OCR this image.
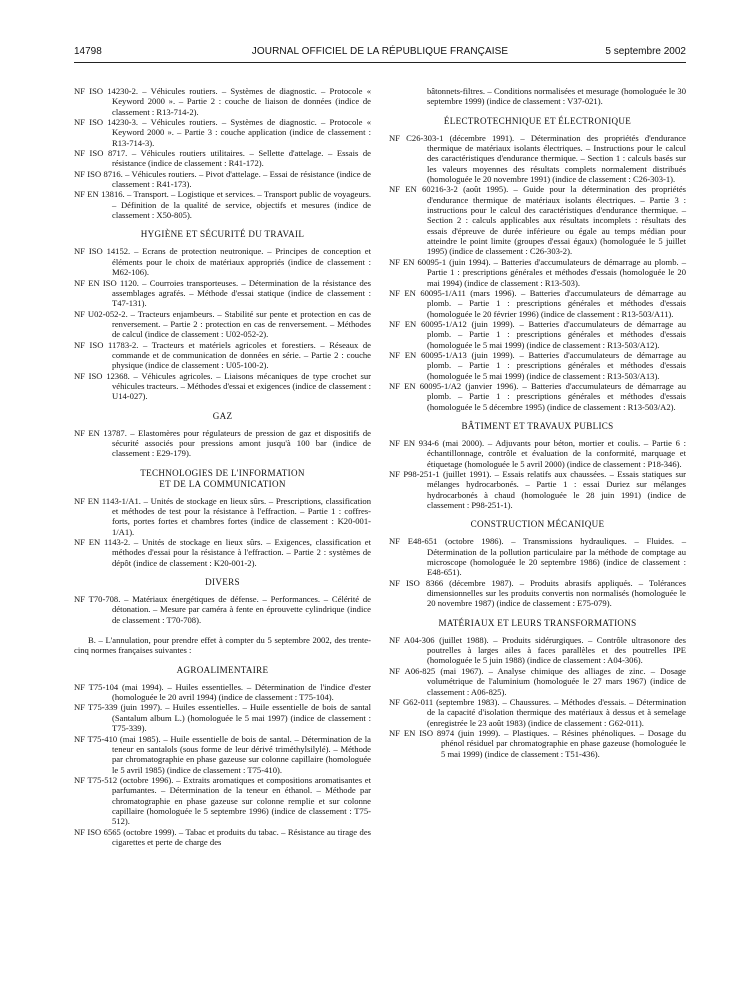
14798	JOURNAL OFFICIEL DE LA RÉPUBLIQUE FRANÇAISE	5 septembre 2002
NF ISO 14230-2. – Véhicules routiers. – Systèmes de diagnostic. – Protocole « Keyword 2000 ». – Partie 2 : couche de liaison de données (indice de classement : R13-714-2).
NF ISO 14230-3. – Véhicules routiers. – Systèmes de diagnostic. – Protocole « Keyword 2000 ». – Partie 3 : couche application (indice de classement : R13-714-3).
NF ISO 8717. – Véhicules routiers utilitaires. – Sellette d'attelage. – Essais de résistance (indice de classement : R41-172).
NF ISO 8716. – Véhicules routiers. – Pivot d'attelage. – Essai de résistance (indice de classement : R41-173).
NF EN 13816. – Transport. – Logistique et services. – Transport public de voyageurs. – Définition de la qualité de service, objectifs et mesures (indice de classement : X50-805).
HYGIÈNE ET SÉCURITÉ DU TRAVAIL
NF ISO 14152. – Ecrans de protection neutronique. – Principes de conception et éléments pour le choix de matériaux appropriés (indice de classement : M62-106).
NF EN ISO 1120. – Courroies transporteuses. – Détermination de la résistance des assemblages agrafés. – Méthode d'essai statique (indice de classement : T47-131).
NF U02-052-2. – Tracteurs enjambeurs. – Stabilité sur pente et protection en cas de renversement. – Partie 2 : protection en cas de renversement. – Méthodes de calcul (indice de classement : U02-052-2).
NF ISO 11783-2. – Tracteurs et matériels agricoles et forestiers. – Réseaux de commande et de communication de données en série. – Partie 2 : couche physique (indice de classement : U05-100-2).
NF ISO 12368. – Véhicules agricoles. – Liaisons mécaniques de type crochet sur véhicules tracteurs. – Méthodes d'essai et exigences (indice de classement : U14-027).
GAZ
NF EN 13787. – Elastomères pour régulateurs de pression de gaz et dispositifs de sécurité associés pour pressions amont jusqu'à 100 bar (indice de classement : E29-179).
TECHNOLOGIES DE L'INFORMATION
ET DE LA COMMUNICATION
NF EN 1143-1/A1. – Unités de stockage en lieux sûrs. – Prescriptions, classification et méthodes de test pour la résistance à l'effraction. – Partie 1 : coffres-forts, portes fortes et chambres fortes (indice de classement : K20-001-1/A1).
NF EN 1143-2. – Unités de stockage en lieux sûrs. – Exigences, classification et méthodes d'essai pour la résistance à l'effraction. – Partie 2 : systèmes de dépôt (indice de classement : K20-001-2).
DIVERS
NF T70-708. – Matériaux énergétiques de défense. – Performances. – Célérité de détonation. – Mesure par caméra à fente en éprouvette cylindrique (indice de classement : T70-708).
B. – L'annulation, pour prendre effet à compter du 5 septembre 2002, des trente-cinq normes françaises suivantes :
AGROALIMENTAIRE
NF T75-104 (mai 1994). – Huiles essentielles. – Détermination de l'indice d'ester (homologuée le 20 avril 1994) (indice de classement : T75-104).
NF T75-339 (juin 1997). – Huiles essentielles. – Huile essentielle de bois de santal (Santalum album L.) (homologuée le 5 mai 1997) (indice de classement : T75-339).
NF T75-410 (mai 1985). – Huile essentielle de bois de santal. – Détermination de la teneur en santalols (sous forme de leur dérivé triméthylsilylé). – Méthode par chromatographie en phase gazeuse sur colonne capillaire (homologuée le 5 avril 1985) (indice de classement : T75-410).
NF T75-512 (octobre 1996). – Extraits aromatiques et compositions aromatisantes et parfumantes. – Détermination de la teneur en éthanol. – Méthode par chromatographie en phase gazeuse sur colonne remplie et sur colonne capillaire (homologuée le 5 septembre 1996) (indice de classement : T75-512).
NF ISO 6565 (octobre 1999). – Tabac et produits du tabac. – Résistance au tirage des cigarettes et perte de charge des
bâtonnets-filtres. – Conditions normalisées et mesurage (homologuée le 30 septembre 1999) (indice de classement : V37-021).
ÉLECTROTECHNIQUE ET ÉLECTRONIQUE
NF C26-303-1 (décembre 1991). – Détermination des propriétés d'endurance thermique de matériaux isolants électriques. – Instructions pour le calcul des caractéristiques d'endurance thermique. – Section 1 : calculs basés sur les valeurs moyennes des résultats complets normalement distribués (homologuée le 20 novembre 1991) (indice de classement : C26-303-1).
NF EN 60216-3-2 (août 1995). – Guide pour la détermination des propriétés d'endurance thermique de matériaux isolants électriques. – Partie 3 : instructions pour le calcul des caractéristiques d'endurance thermique. – Section 2 : calculs applicables aux résultats incomplets : résultats des essais d'épreuve de durée inférieure ou égale au temps médian pour atteindre le point limite (groupes d'essai égaux) (homologuée le 5 juillet 1995) (indice de classement : C26-303-2).
NF EN 60095-1 (juin 1994). – Batteries d'accumulateurs de démarrage au plomb. – Partie 1 : prescriptions générales et méthodes d'essais (homologuée le 20 mai 1994) (indice de classement : R13-503).
NF EN 60095-1/A11 (mars 1996). – Batteries d'accumulateurs de démarrage au plomb. – Partie 1 : prescriptions générales et méthodes d'essais (homologuée le 20 février 1996) (indice de classement : R13-503/A11).
NF EN 60095-1/A12 (juin 1999). – Batteries d'accumulateurs de démarrage au plomb. – Partie 1 : prescriptions générales et méthodes d'essais (homologuée le 5 mai 1999) (indice de classement : R13-503/A12).
NF EN 60095-1/A13 (juin 1999). – Batteries d'accumulateurs de démarrage au plomb. – Partie 1 : prescriptions générales et méthodes d'essais (homologuée le 5 mai 1999) (indice de classement : R13-503/A13).
NF EN 60095-1/A2 (janvier 1996). – Batteries d'accumulateurs de démarrage au plomb. – Partie 1 : prescriptions générales et méthodes d'essais (homologuée le 5 décembre 1995) (indice de classement : R13-503/A2).
BÂTIMENT ET TRAVAUX PUBLICS
NF EN 934-6 (mai 2000). – Adjuvants pour béton, mortier et coulis. – Partie 6 : échantillonnage, contrôle et évaluation de la conformité, marquage et étiquetage (homologuée le 5 avril 2000) (indice de classement : P18-346).
NF P98-251-1 (juillet 1991). – Essais relatifs aux chaussées. – Essais statiques sur mélanges hydrocarbonés. – Partie 1 : essai Duriez sur mélanges hydrocarbonés à chaud (homologuée le 28 juin 1991) (indice de classement : P98-251-1).
CONSTRUCTION MÉCANIQUE
NF E48-651 (octobre 1986). – Transmissions hydrauliques. – Fluides. – Détermination de la pollution particulaire par la méthode de comptage au microscope (homologuée le 20 septembre 1986) (indice de classement : E48-651).
NF ISO 8366 (décembre 1987). – Produits abrasifs appliqués. – Tolérances dimensionnelles sur les produits convertis non normalisés (homologuée le 20 novembre 1987) (indice de classement : E75-079).
MATÉRIAUX ET LEURS TRANSFORMATIONS
NF A04-306 (juillet 1988). – Produits sidérurgiques. – Contrôle ultrasonore des poutrelles à larges ailes à faces parallèles et des poutrelles IPE (homologuée le 5 juin 1988) (indice de classement : A04-306).
NF A06-825 (mai 1967). – Analyse chimique des alliages de zinc. – Dosage volumétrique de l'aluminium (homologuée le 27 mars 1967) (indice de classement : A06-825).
NF G62-011 (septembre 1983). – Chaussures. – Méthodes d'essais. – Détermination de la capacité d'isolation thermique des matériaux à dessus et à semelage (enregistrée le 23 août 1983) (indice de classement : G62-011).
NF EN ISO 8974 (juin 1999). – Plastiques. – Résines phénoliques. – Dosage du phénol résiduel par chromatographie en phase gazeuse (homologuée le 5 mai 1999) (indice de classement : T51-436).
